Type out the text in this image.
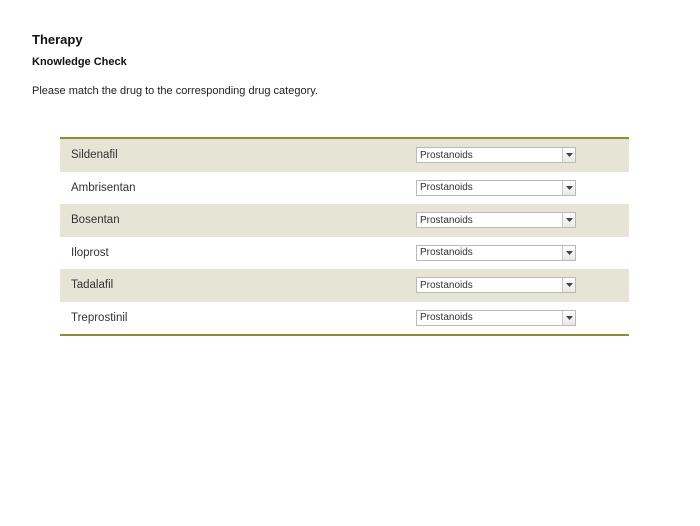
Therapy
Knowledge Check

Please match the drug to the corresponding drug category.

Sildenafil	Prostanoids
Ambrisentan	Prostanoids
Bosentan	Prostanoids
Iloprost	Prostanoids
Tadalafil	Prostanoids
Treprostinil	Prostanoids
